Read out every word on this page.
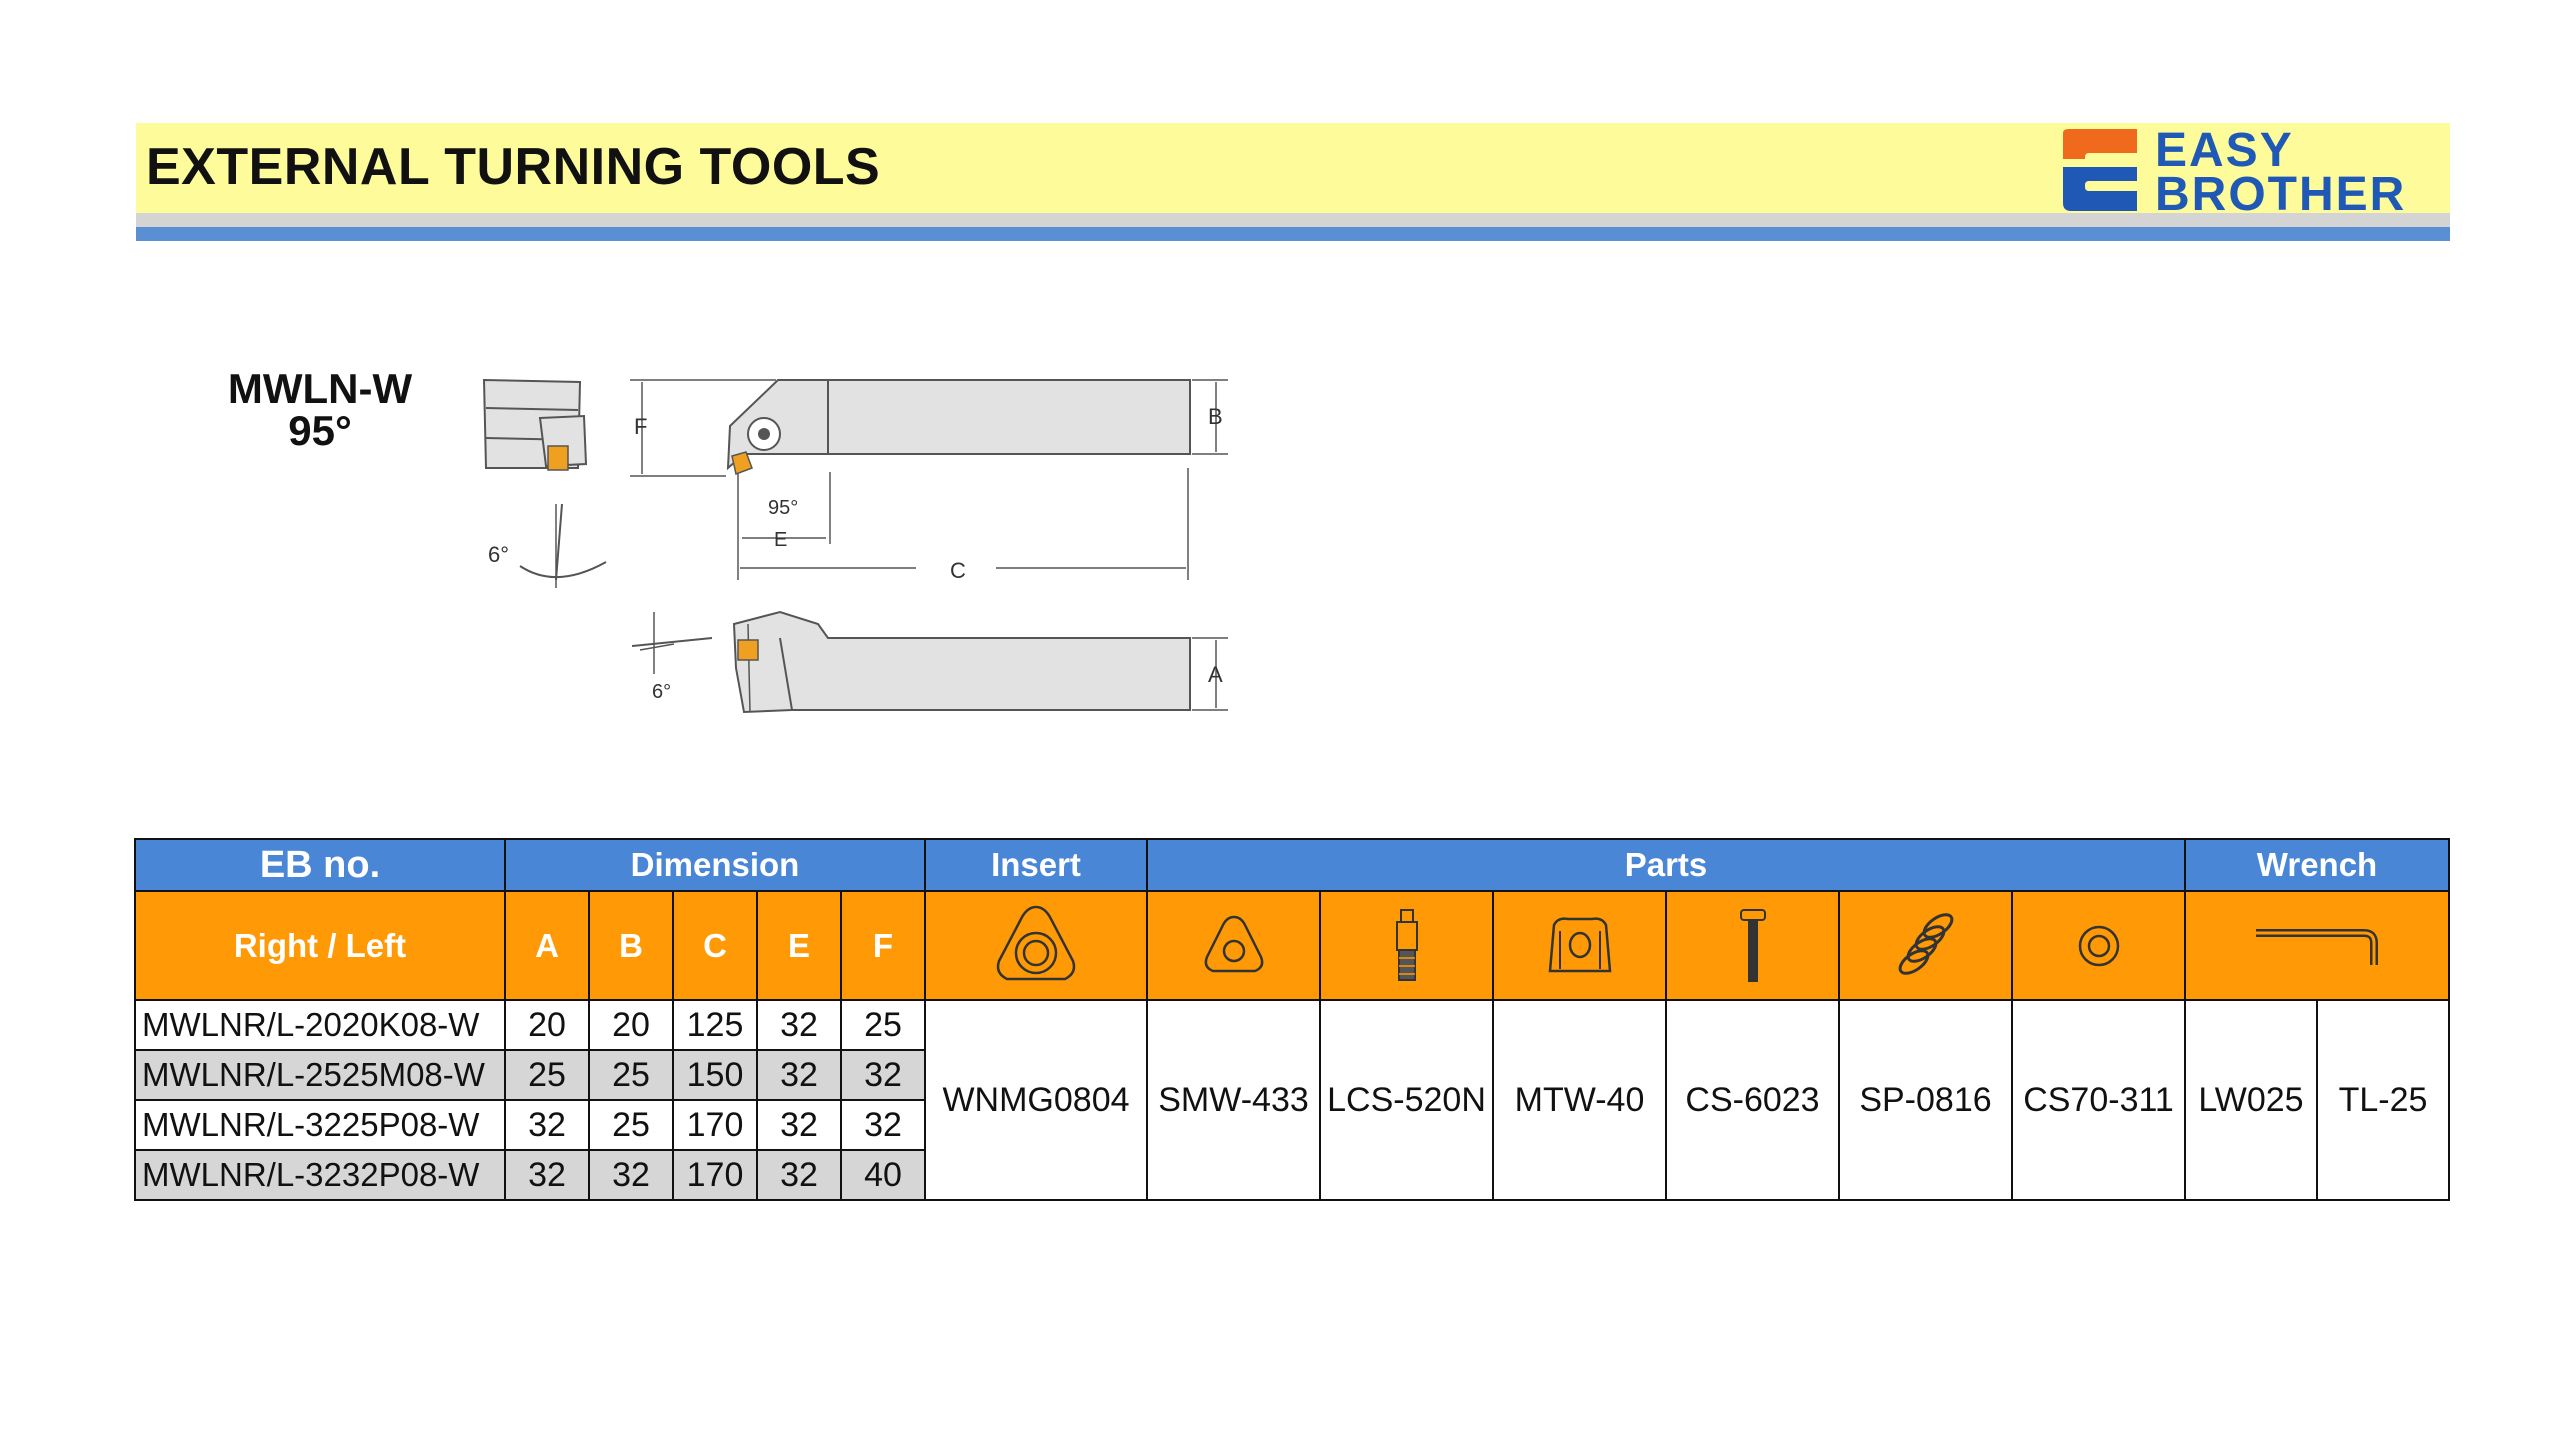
EXTERNAL TURNING TOOLS	EASY
BROTHER
MWLN-W
95°
6°
F	B
95°
E
C
6°
A
EB no.	Dimension					Insert	Parts						Wrench	
Right / Left	A	B	C	E	F	

MWLNR/L-2020K08-W	20	20	125	32	25	WNMG0804	SMW-433	LCS-520N	MTW-40	CS-6023	SP-0816	CS70-311	LW025	TL-25
MWLNR/L-2525M08-W	25	25	150	32	32									
MWLNR/L-3225P08-W	32	25	170	32	32									
MWLNR/L-3232P08-W	32	32	170	32	40									
